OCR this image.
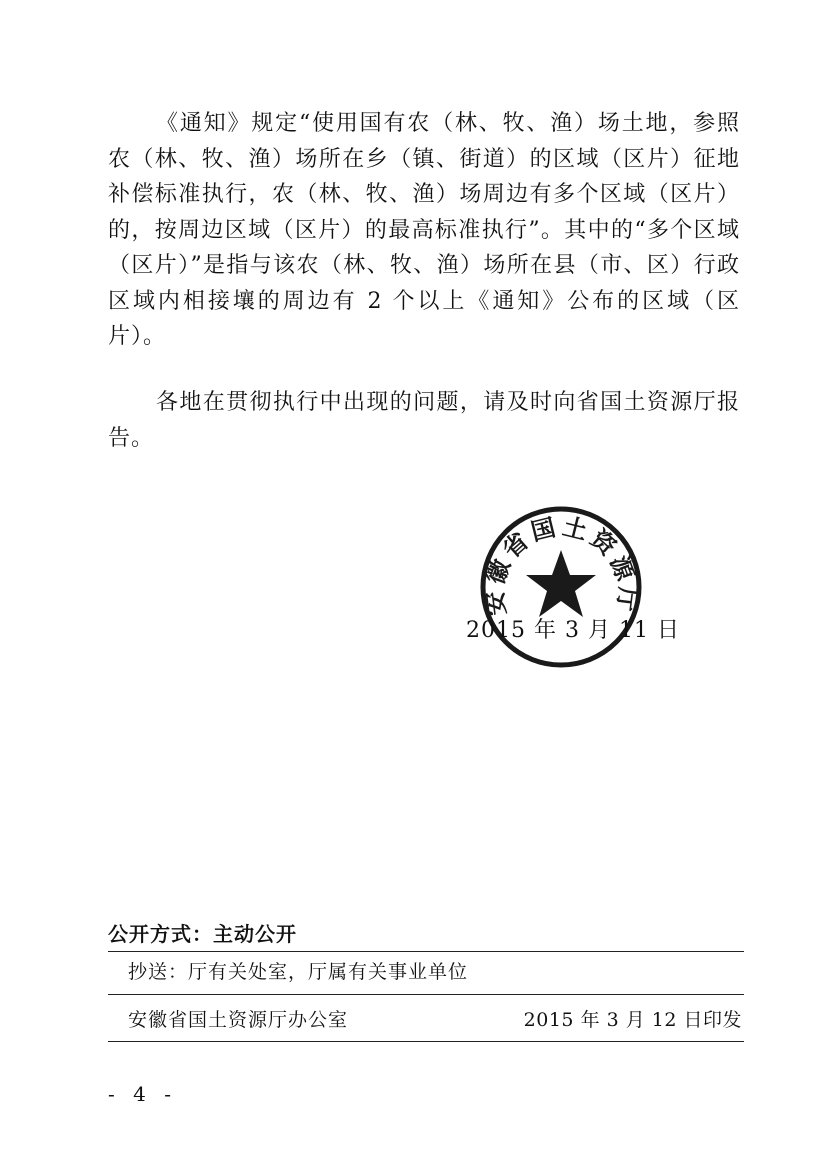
《通知》规定“使用国有农（林、牧、渔）场土地，参照农（林、牧、渔）场所在乡（镇、街道）的区域（区片）征地补偿标准执行，农（林、牧、渔）场周边有多个区域（区片）的，按周边区域（区片）的最高标准执行”。其中的“多个区域（区片）”是指与该农（林、牧、渔）场所在县（市、区）行政区域内相接壤的周边有 2 个以上《通知》公布的区域（区片）。

各地在贯彻执行中出现的问题，请及时向省国土资源厅报告。

安徽省国土资源厅
2015 年 3 月 11 日
公开方式：主动公开
抄送：厅有关处室，厅属有关事业单位
安徽省国土资源厅办公室	2015 年 3 月 12 日印发
- 4 -
